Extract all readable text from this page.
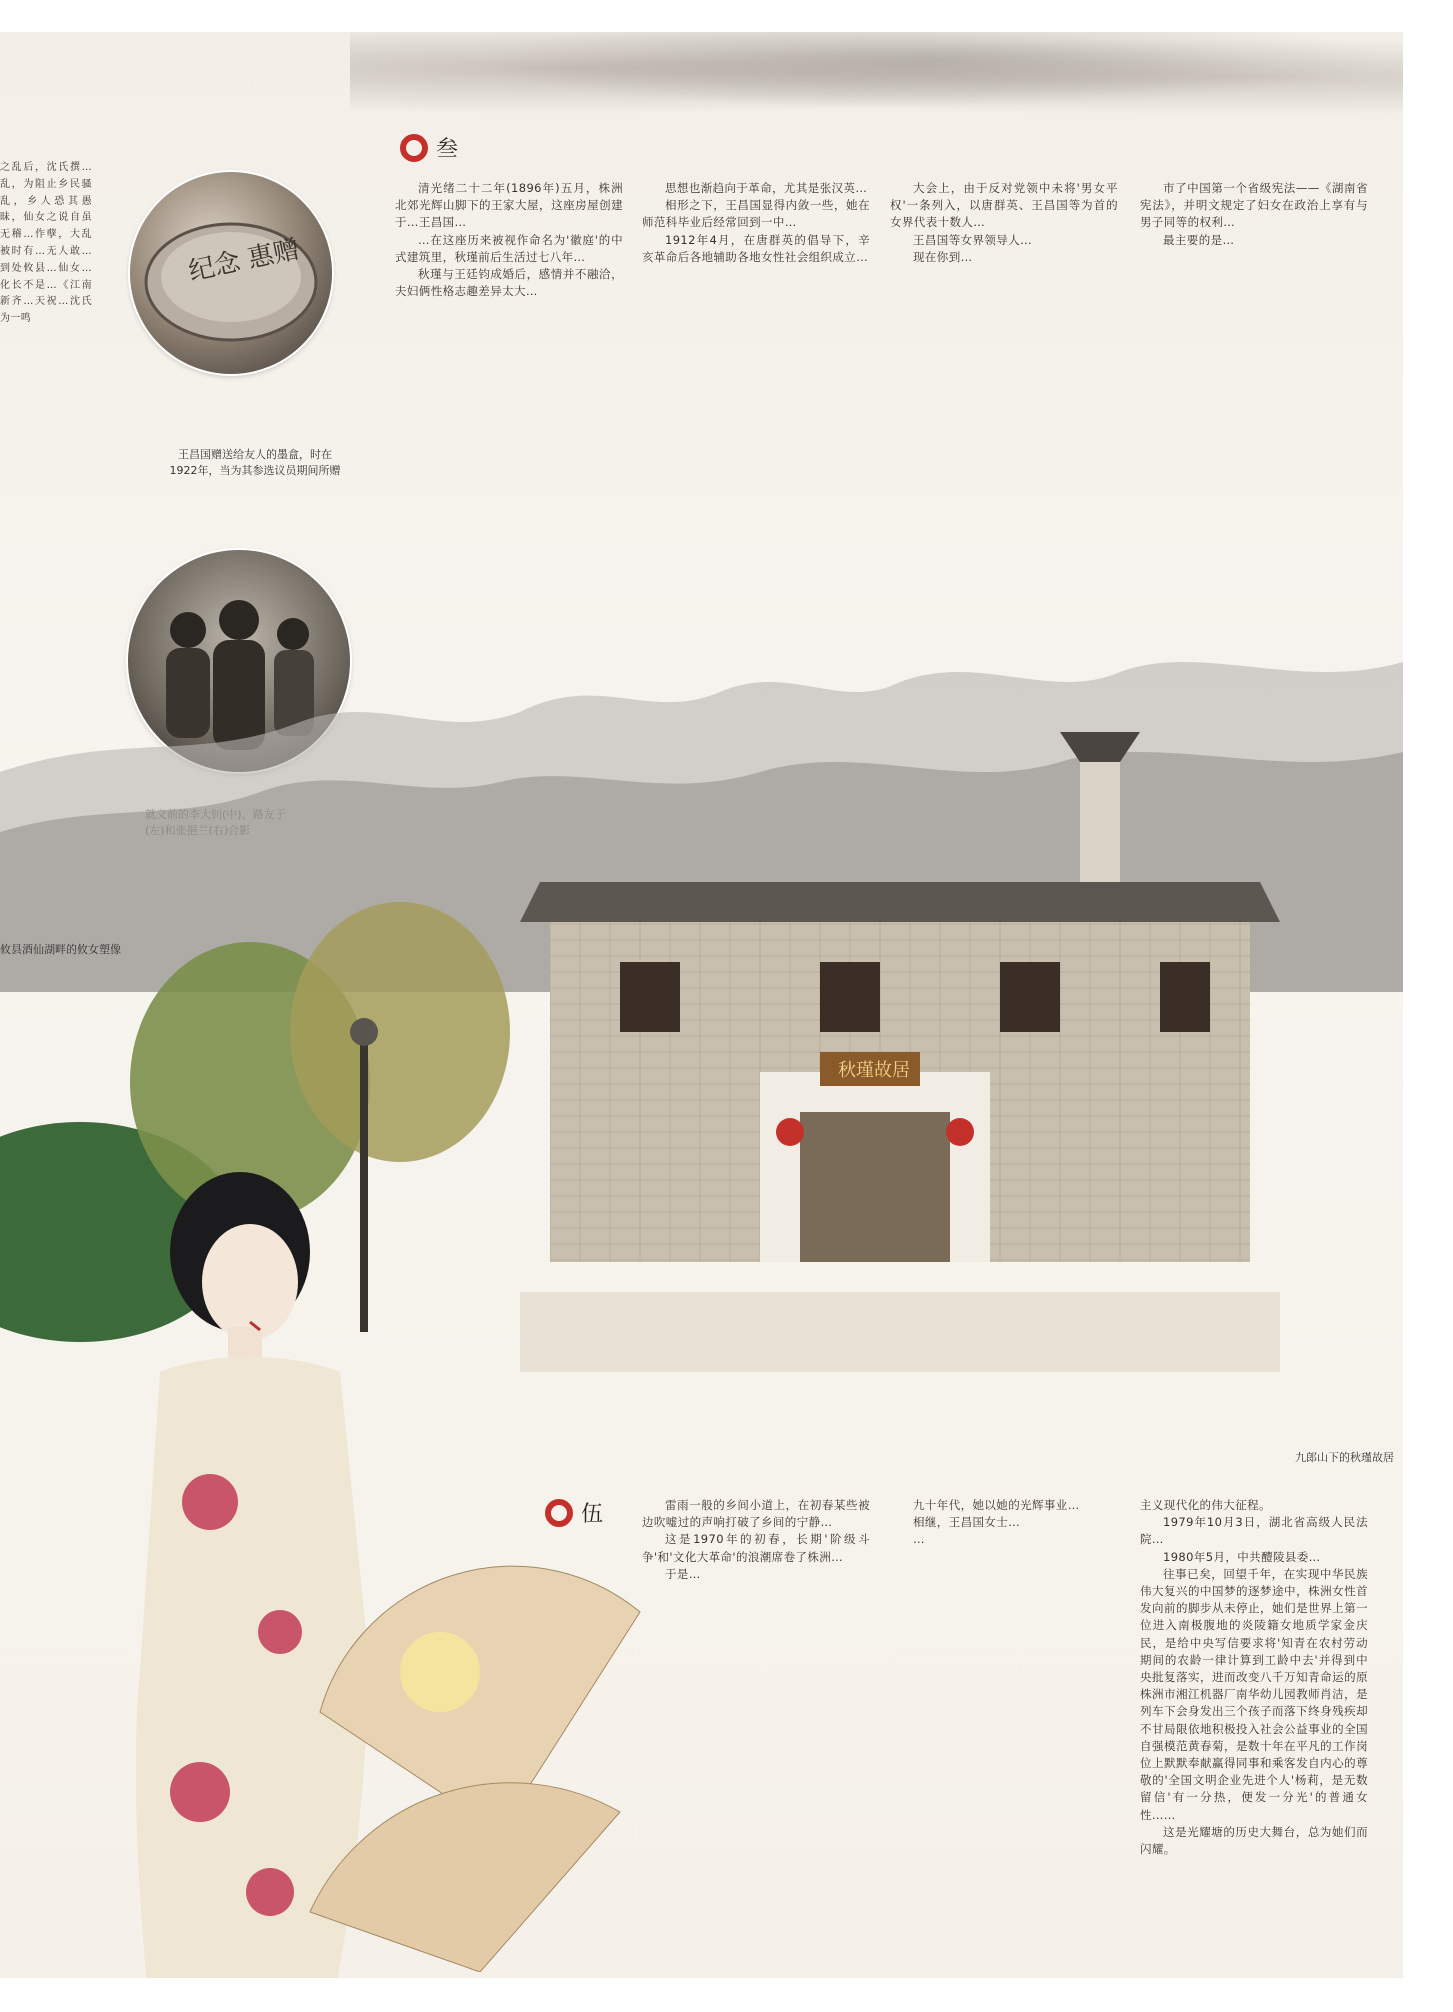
之乱后，沈氏撰…乱，为阻止乡民骚乱，乡人恐其愚昧，仙女之说自虽无稽…作孽，大乱被时有…无人敢…到处攸县…仙女…化长不是…《江南新齐…天祝…沈氏为一鸣

纪念 惠赠
王昌国赠送给友人的墨盒，时在
1922年，当为其参选议员期间所赠
叁

清光绪二十二年(1896年)五月，株洲北郊光辉山脚下的王家大屋，这座房屋创建于…王昌国…

…在这座历来被视作命名为'徽庭'的中式建筑里，秋瑾前后生活过七八年…

秋瑾与王廷钧成婚后，感情并不融洽，夫妇俩性格志趣差异太大…

思想也渐趋向于革命，尤其是张汉英…

相形之下，王昌国显得内敛一些，她在师范科毕业后经常回到一中…

1912年4月，在唐群英的倡导下，辛亥革命后各地辅助各地女性社会组织成立…

大会上，由于反对党领中未将'男女平权'一条列入，以唐群英、王昌国等为首的女界代表十数人…

王昌国等女界领导人…

现在你到…

市了中国第一个省级宪法——《湖南省宪法》，并明文规定了妇女在政治上享有与男子同等的权利…

最主要的是…

攸县酒仙湖畔的攸女塑像
秋瑾故居
九郎山下的秋瑾故居
伍	雷雨一般的乡间小道上，在初春某些被边吹嘘过的声响打破了乡间的宁静…

这是1970年的初春，长期'阶级斗争'和'文化大革命'的浪潮席卷了株洲…

于是…

九十年代，她以她的光辉事业…

相继，王昌国女士…

…

主义现代化的伟大征程。

1979年10月3日，湖北省高级人民法院…

1980年5月，中共醴陵县委…

往事已矣，回望千年，在实现中华民族伟大复兴的中国梦的逐梦途中，株洲女性首发向前的脚步从未停止，她们是世界上第一位进入南极腹地的炎陵籍女地质学家金庆民，是给中央写信要求将'知青在农村劳动期间的农龄一律计算到工龄中去'并得到中央批复落实，进而改变八千万知青命运的原株洲市湘江机器厂南华幼儿园教师肖洁，是列车下会身发出三个孩子而落下终身残疾却不甘局限依地积极投入社会公益事业的全国自强模范黄春菊，是数十年在平凡的工作岗位上默默奉献赢得同事和乘客发自内心的尊敬的'全国文明企业先进个人'杨莉，是无数留信'有一分热，便发一分光'的普通女性……

这是光耀塘的历史大舞台，总为她们而闪耀。
